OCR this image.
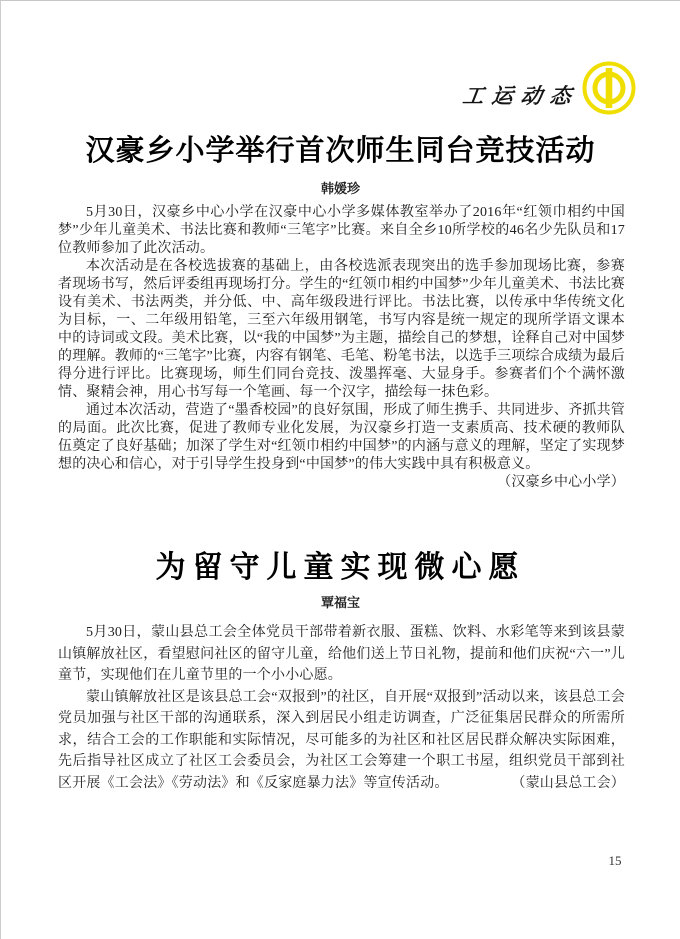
工运动态
汉豪乡小学举行首次师生同台竞技活动
韩媛珍

5月30日，汉豪乡中心小学在汉豪中心小学多媒体教室举办了2016年“红领巾相约中国梦”少年儿童美术、书法比赛和教师“三笔字”比赛。来自全乡10所学校的46名少先队员和17位教师参加了此次活动。

本次活动是在各校选拔赛的基础上，由各校选派表现突出的选手参加现场比赛，参赛者现场书写，然后评委组再现场打分。学生的“红领巾相约中国梦”少年儿童美术、书法比赛设有美术、书法两类，并分低、中、高年级段进行评比。书法比赛，以传承中华传统文化为目标，一、二年级用铅笔，三至六年级用钢笔，书写内容是统一规定的现所学语文课本中的诗词或文段。美术比赛，以“我的中国梦”为主题，描绘自己的梦想，诠释自己对中国梦的理解。教师的“三笔字”比赛，内容有钢笔、毛笔、粉笔书法，以选手三项综合成绩为最后得分进行评比。比赛现场，师生们同台竞技、泼墨挥毫、大显身手。参赛者们个个满怀激情、聚精会神，用心书写每一个笔画、每一个汉字，描绘每一抹色彩。

通过本次活动，营造了“墨香校园”的良好氛围，形成了师生携手、共同进步、齐抓共管的局面。此次比赛，促进了教师专业化发展，为汉豪乡打造一支素质高、技术硬的教师队伍奠定了良好基础；加深了学生对“红领巾相约中国梦”的内涵与意义的理解，坚定了实现梦想的决心和信心，对于引导学生投身到“中国梦”的伟大实践中具有积极意义。
（汉豪乡中心小学）

为留守儿童实现微心愿
覃福宝

5月30日，蒙山县总工会全体党员干部带着新衣服、蛋糕、饮料、水彩笔等来到该县蒙山镇解放社区，看望慰问社区的留守儿童，给他们送上节日礼物，提前和他们庆祝“六一”儿童节，实现他们在儿童节里的一个小小心愿。

蒙山镇解放社区是该县总工会“双报到”的社区，自开展“双报到”活动以来，该县总工会党员加强与社区干部的沟通联系，深入到居民小组走访调查，广泛征集居民群众的所需所求，结合工会的工作职能和实际情况，尽可能多的为社区和社区居民群众解决实际困难，先后指导社区成立了社区工会委员会，为社区工会筹建一个职工书屋，组织党员干部到社区开展《工会法》《劳动法》和《反家庭暴力法》等宣传活动。	（蒙山县总工会）

15
